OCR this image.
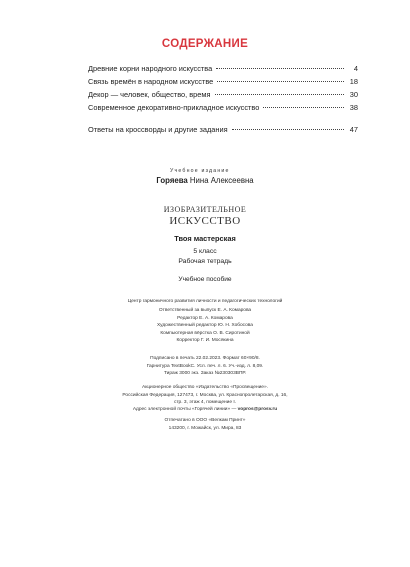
СОДЕРЖАНИЕ
Древние корни народного искусства	4
Связь времён в народном искусстве	18
Декор — человек, общество, время	30
Современное декоративно-прикладное искусство	38
Ответы на кроссворды и другие задания	47
Учебное издание
Горяева Нина Алексеевна
ИЗОБРАЗИТЕЛЬНОЕ
ИСКУССТВО
Твоя мастерская
5 класс
Рабочая тетрадь
Учебное пособие
Центр гармоничного развития личности и педагогических технологий
Ответственный за выпуск Е. А. Комарова
Редактор Е. А. Комарова
Художественный редактор Ю. Н. Хобосова
Компьютерная вёрстка О. В. Сиротиной
Корректор Г. И. Мосякина
Подписано в печать 22.02.2023. Формат 60×90/8.
Гарнитура TextBookC. Усл. печ. л. 6. Уч.-изд. л. 8,09.
Тираж 3000 экз. Заказ №230303ВПР.
Акционерное общество «Издательство «Просвещение».
Российская Федерация, 127473, г. Москва, ул. Краснопролетарская, д. 16,
стр. 3, этаж 4, помещение I.
Адрес электронной почты «Горячей линии» — vopros@prosv.ru
Отпечатано в ООО «Велкам Принт»
143200, г. Можайск, ул. Мира, 83
